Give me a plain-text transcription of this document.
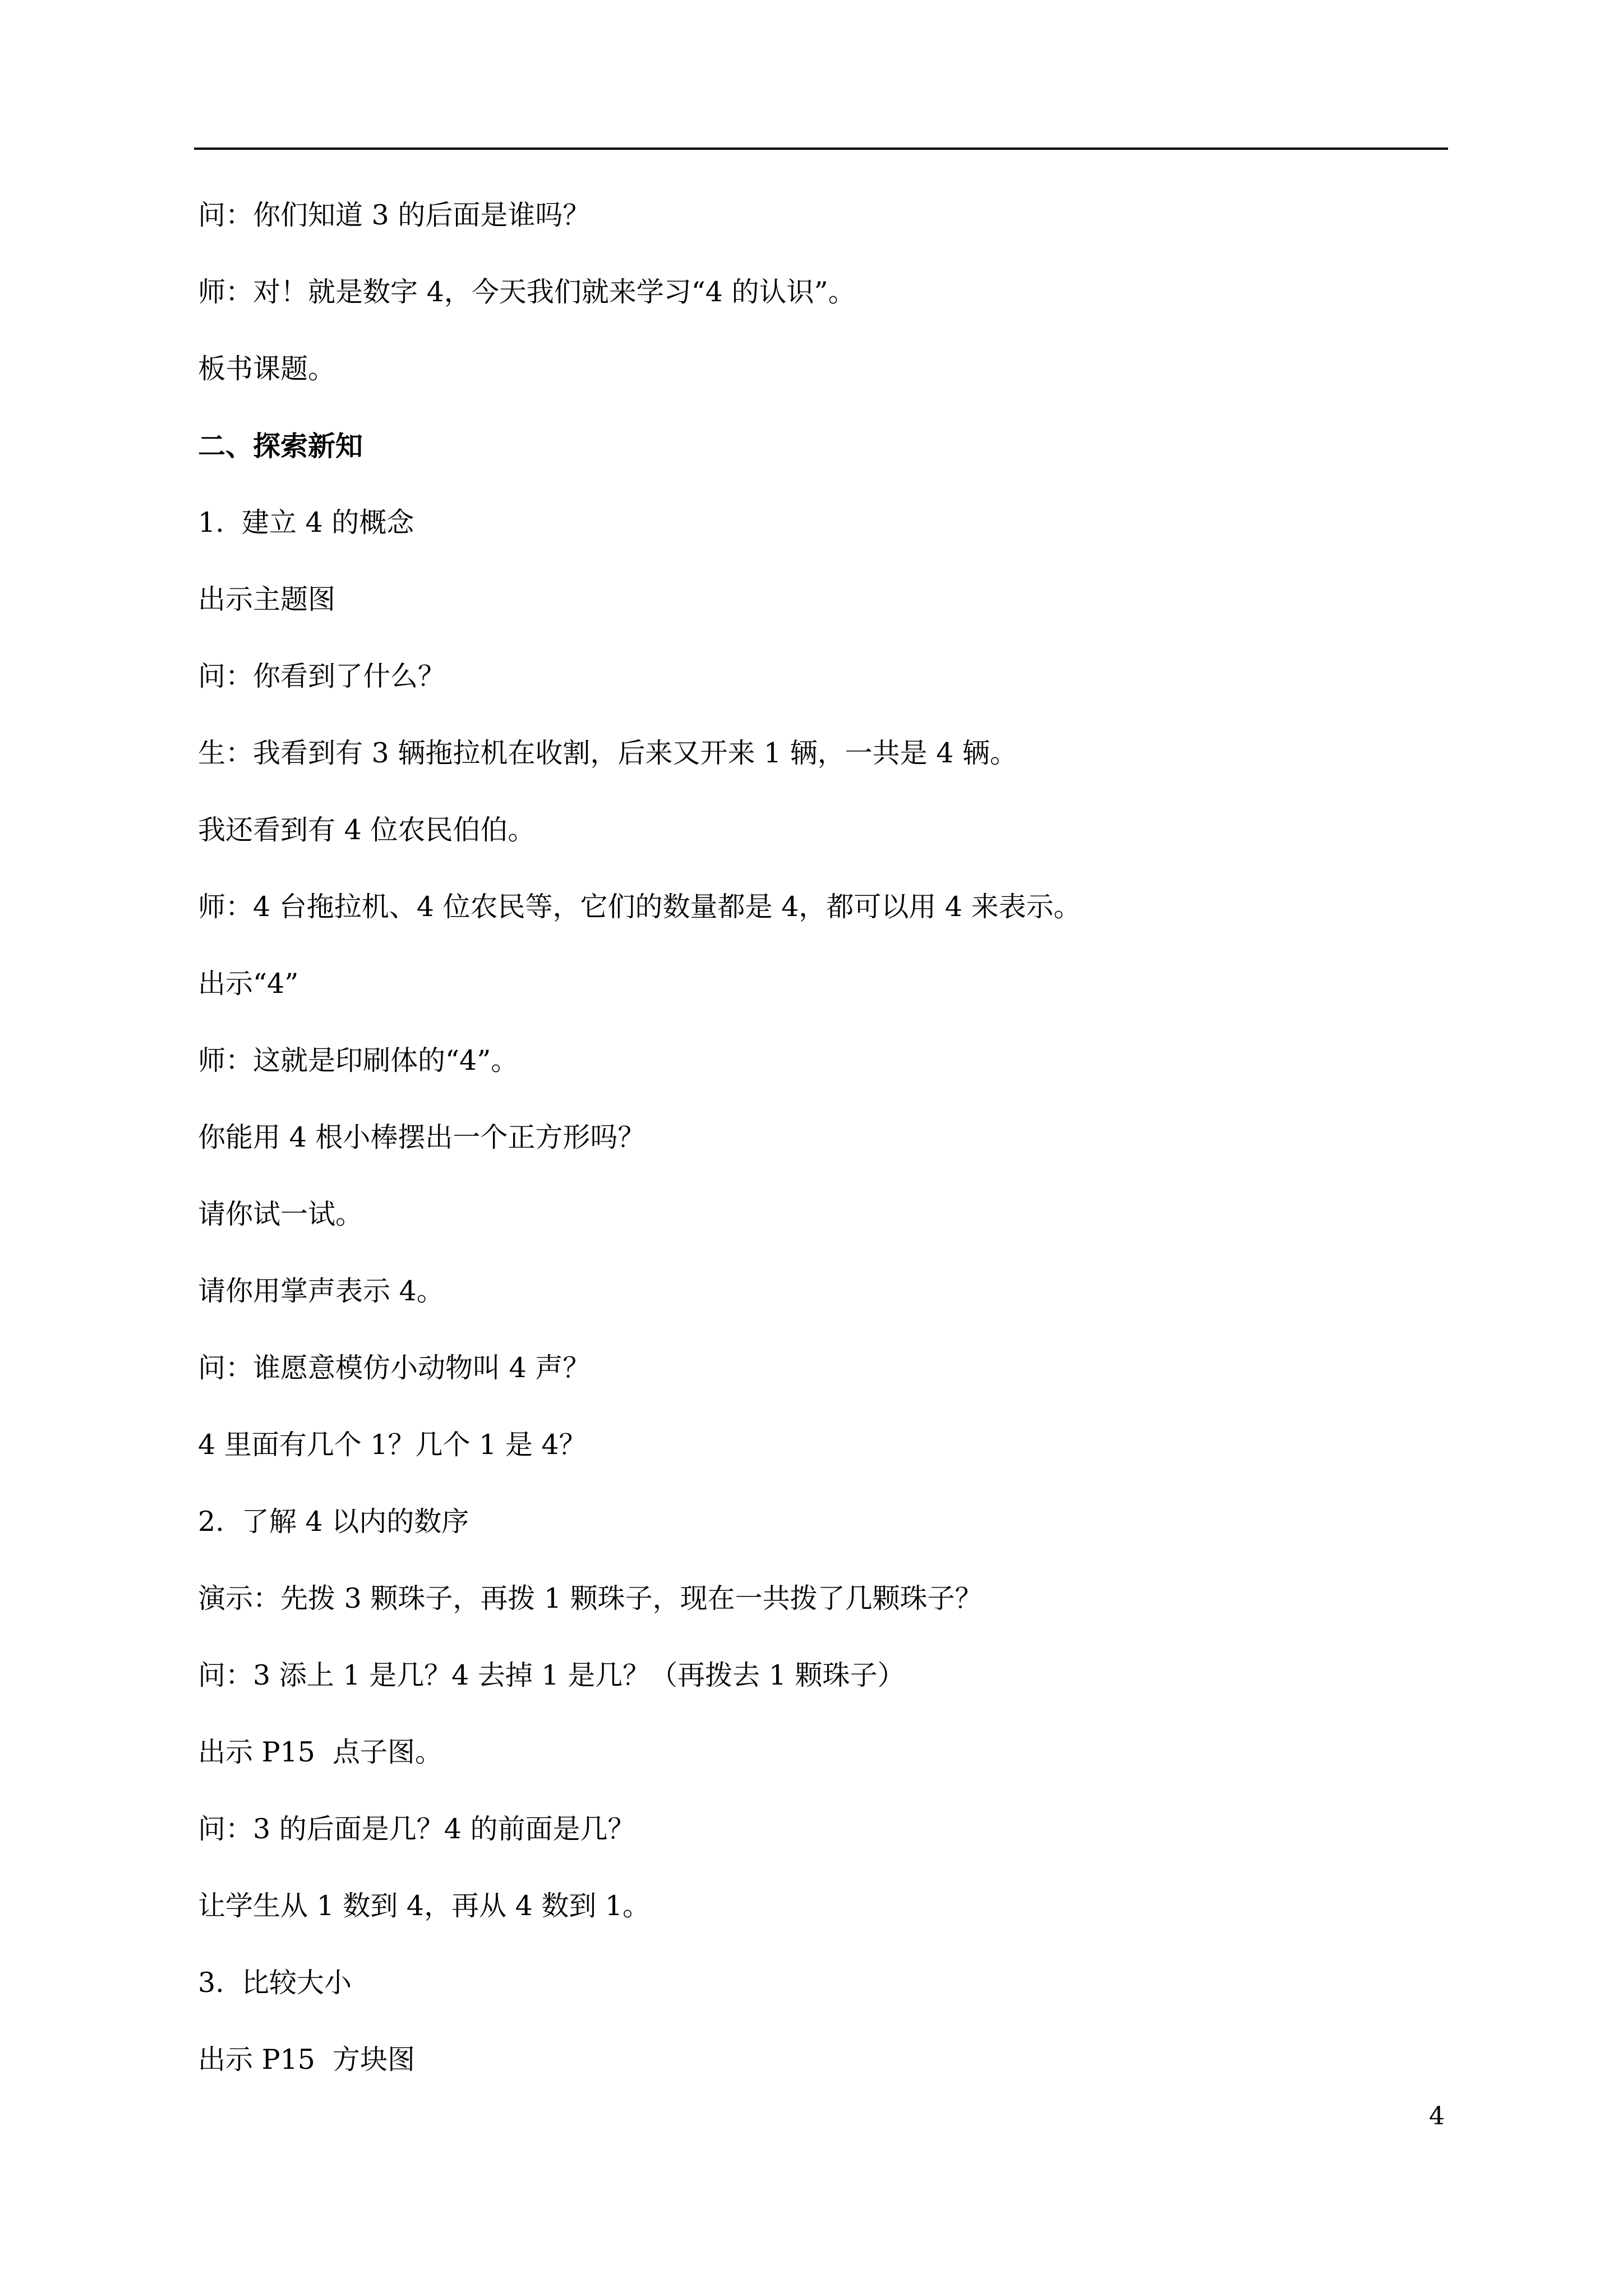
问：你们知道 3 的后面是谁吗？
师：对！就是数字 4，今天我们就来学习“4 的认识”。
板书课题。
二、探索新知
1.  建立 4 的概念
出示主题图
问：你看到了什么？
生：我看到有 3 辆拖拉机在收割，后来又开来 1 辆，一共是 4 辆。
我还看到有 4 位农民伯伯。
师：4 台拖拉机、4 位农民等，它们的数量都是 4，都可以用 4 来表示。
出示“4”
师：这就是印刷体的“4”。
你能用 4 根小棒摆出一个正方形吗？
请你试一试。
请你用掌声表示 4。
问：谁愿意模仿小动物叫 4 声？
4 里面有几个 1？几个 1 是 4？
2.  了解 4 以内的数序
演示：先拨 3 颗珠子，再拨 1 颗珠子，现在一共拨了几颗珠子？
问：3 添上 1 是几？4 去掉 1 是几？（再拨去 1 颗珠子）
出示 P15  点子图。
问：3 的后面是几？4 的前面是几？
让学生从 1 数到 4，再从 4 数到 1。
3.  比较大小
出示 P15  方块图
4
